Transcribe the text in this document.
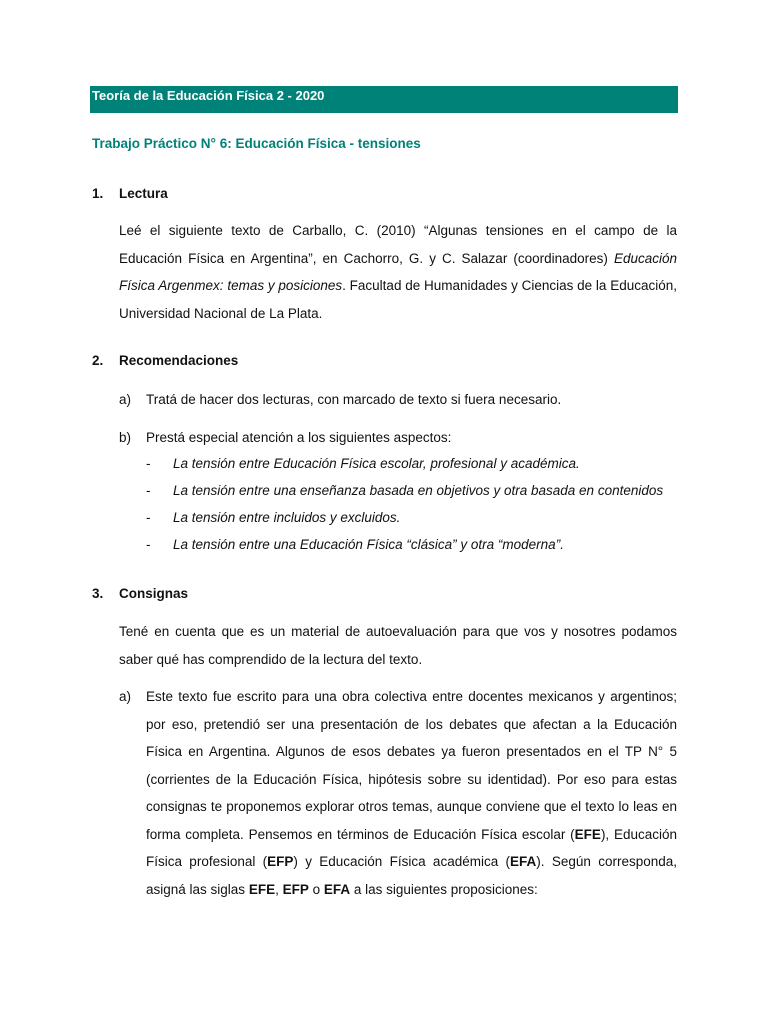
Teoría de la Educación Física 2 - 2020
Trabajo Práctico N° 6: Educación Física - tensiones
1. Lectura
Leé el siguiente texto de Carballo, C. (2010) “Algunas tensiones en el campo de la Educación Física en Argentina”, en Cachorro, G. y C. Salazar (coordinadores) Educación Física Argenmex: temas y posiciones. Facultad de Humanidades y Ciencias de la Educación, Universidad Nacional de La Plata.
2. Recomendaciones
a) Tratá de hacer dos lecturas, con marcado de texto si fuera necesario.
b) Prestá especial atención a los siguientes aspectos:
- La tensión entre Educación Física escolar, profesional y académica.
- La tensión entre una enseñanza basada en objetivos y otra basada en contenidos
- La tensión entre incluidos y excluidos.
- La tensión entre una Educación Física “clásica” y otra “moderna”.
3. Consignas
Tené en cuenta que es un material de autoevaluación para que vos y nosotres podamos saber qué has comprendido de la lectura del texto.
a) Este texto fue escrito para una obra colectiva entre docentes mexicanos y argentinos; por eso, pretendió ser una presentación de los debates que afectan a la Educación Física en Argentina. Algunos de esos debates ya fueron presentados en el TP N° 5 (corrientes de la Educación Física, hipótesis sobre su identidad). Por eso para estas consignas te proponemos explorar otros temas, aunque conviene que el texto lo leas en forma completa. Pensemos en términos de Educación Física escolar (EFE), Educación Física profesional (EFP) y Educación Física académica (EFA). Según corresponda, asigná las siglas EFE, EFP o EFA a las siguientes proposiciones:
